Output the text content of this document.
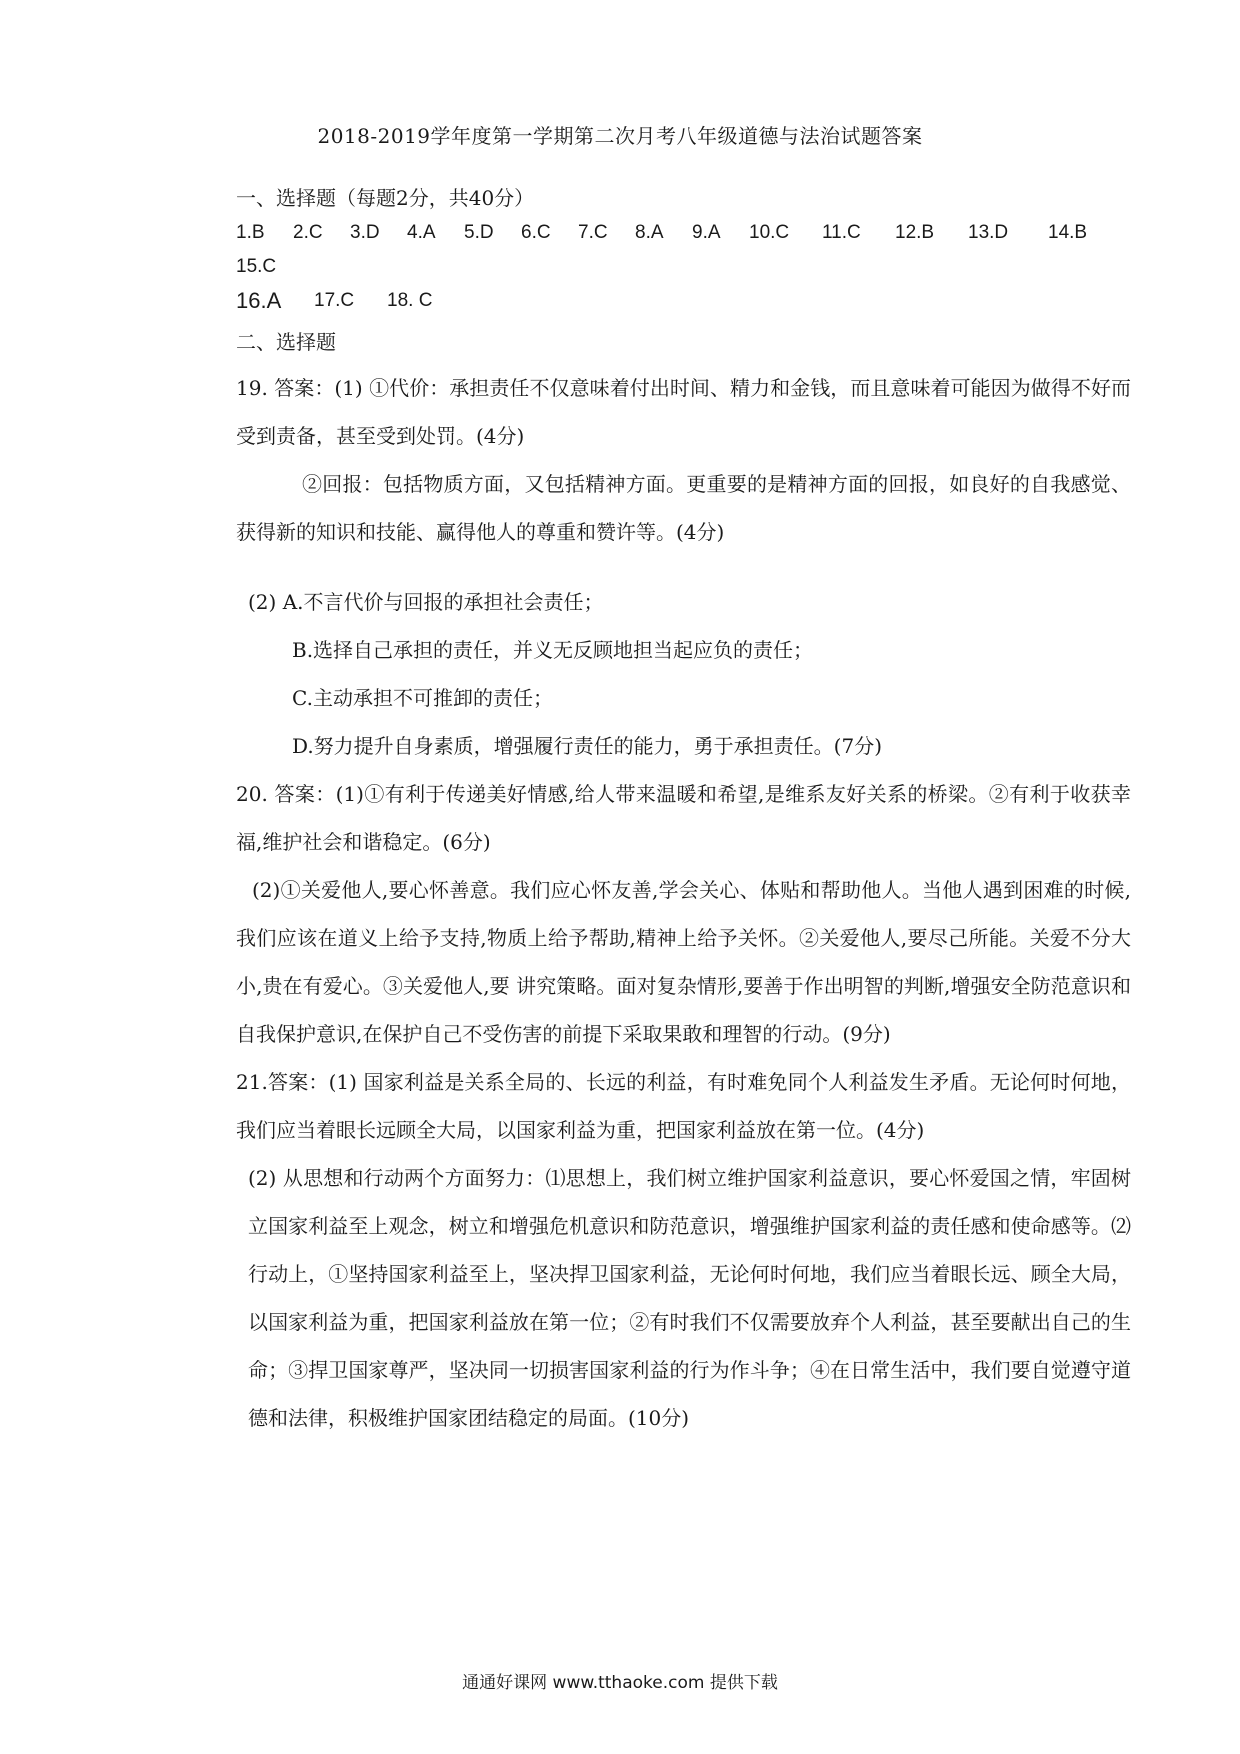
2018-2019学年度第一学期第二次月考八年级道德与法治试题答案
一、选择题（每题2分，共40分）
1.B	2.C	3.D	4.A	5.D	6.C	7.C	8.A	9.A	10.C	11.C	12.B	13.D	14.B
15.C
16.A	17.C	18. C
二、选择题

19. 答案：(1) ①代价：承担责任不仅意味着付出时间、精力和金钱，而且意味着可能因为做得不好而受到责备，甚至受到处罚。(4分)

②回报：包括物质方面，又包括精神方面。更重要的是精神方面的回报，如良好的自我感觉、获得新的知识和技能、赢得他人的尊重和赞许等。(4分)

(2) A.不言代价与回报的承担社会责任；

B.选择自己承担的责任，并义无反顾地担当起应负的责任；
C.主动承担不可推卸的责任；
D.努力提升自身素质，增强履行责任的能力，勇于承担责任。(7分)

20. 答案：(1)①有利于传递美好情感,给人带来温暖和希望,是维系友好关系的桥梁。②有利于收获幸福,维护社会和谐稳定。(6分)

(2)①关爱他人,要心怀善意。我们应心怀友善,学会关心、体贴和帮助他人。当他人遇到困难的时候,我们应该在道义上给予支持,物质上给予帮助,精神上给予关怀。②关爱他人,要尽己所能。关爱不分大小,贵在有爱心。③关爱他人,要 讲究策略。面对复杂情形,要善于作出明智的判断,增强安全防范意识和自我保护意识,在保护自己不受伤害的前提下采取果敢和理智的行动。(9分)

21.答案：(1) 国家利益是关系全局的、长远的利益，有时难免同个人利益发生矛盾。无论何时何地，我们应当着眼长远顾全大局，以国家利益为重，把国家利益放在第一位。(4分)

(2) 从思想和行动两个方面努力：⑴思想上，我们树立维护国家利益意识，要心怀爱国之情，牢固树立国家利益至上观念，树立和增强危机意识和防范意识，增强维护国家利益的责任感和使命感等。⑵行动上，①坚持国家利益至上，坚决捍卫国家利益，无论何时何地，我们应当着眼长远、顾全大局，以国家利益为重，把国家利益放在第一位；②有时我们不仅需要放弃个人利益，甚至要献出自己的生命；③捍卫国家尊严，坚决同一切损害国家利益的行为作斗争；④在日常生活中，我们要自觉遵守道德和法律，积极维护国家团结稳定的局面。(10分)

通通好课网 www.tthaoke.com 提供下载
